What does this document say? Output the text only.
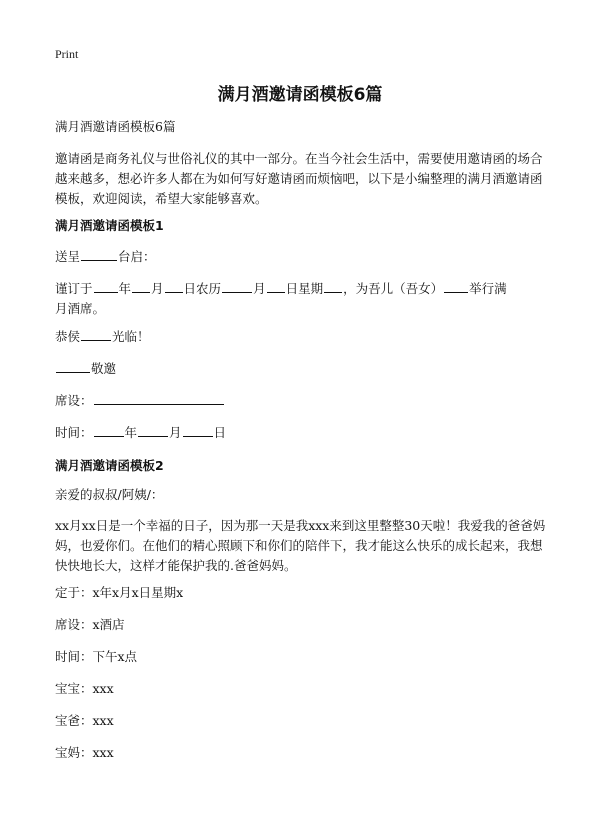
Print
满月酒邀请函模板6篇

满月酒邀请函模板6篇

邀请函是商务礼仪与世俗礼仪的其中一部分。在当今社会生活中，需要使用邀请函的场合越来越多，想必许多人都在为如何写好邀请函而烦恼吧，以下是小编整理的满月酒邀请函模板，欢迎阅读，希望大家能够喜欢。

满月酒邀请函模板1

送呈	台启：

谨订于 年 月 日农历	月 日星期 ，为吾儿（吾女） 举行满

月酒席。

恭侯	光临！

敬邀

席设：

时间：	年	月	日

满月酒邀请函模板2

亲爱的叔叔/阿姨/：

xx月xx日是一个幸福的日子，因为那一天是我xxx来到这里整整30天啦！我爱我的爸爸妈妈，也爱你们。在他们的精心照顾下和你们的陪伴下，我才能这么快乐的成长起来，我想快快地长大，这样才能保护我的.爸爸妈妈。

定于：x年x月x日星期x

席设：x酒店

时间：下午x点

宝宝：xxx

宝爸：xxx

宝妈：xxx
